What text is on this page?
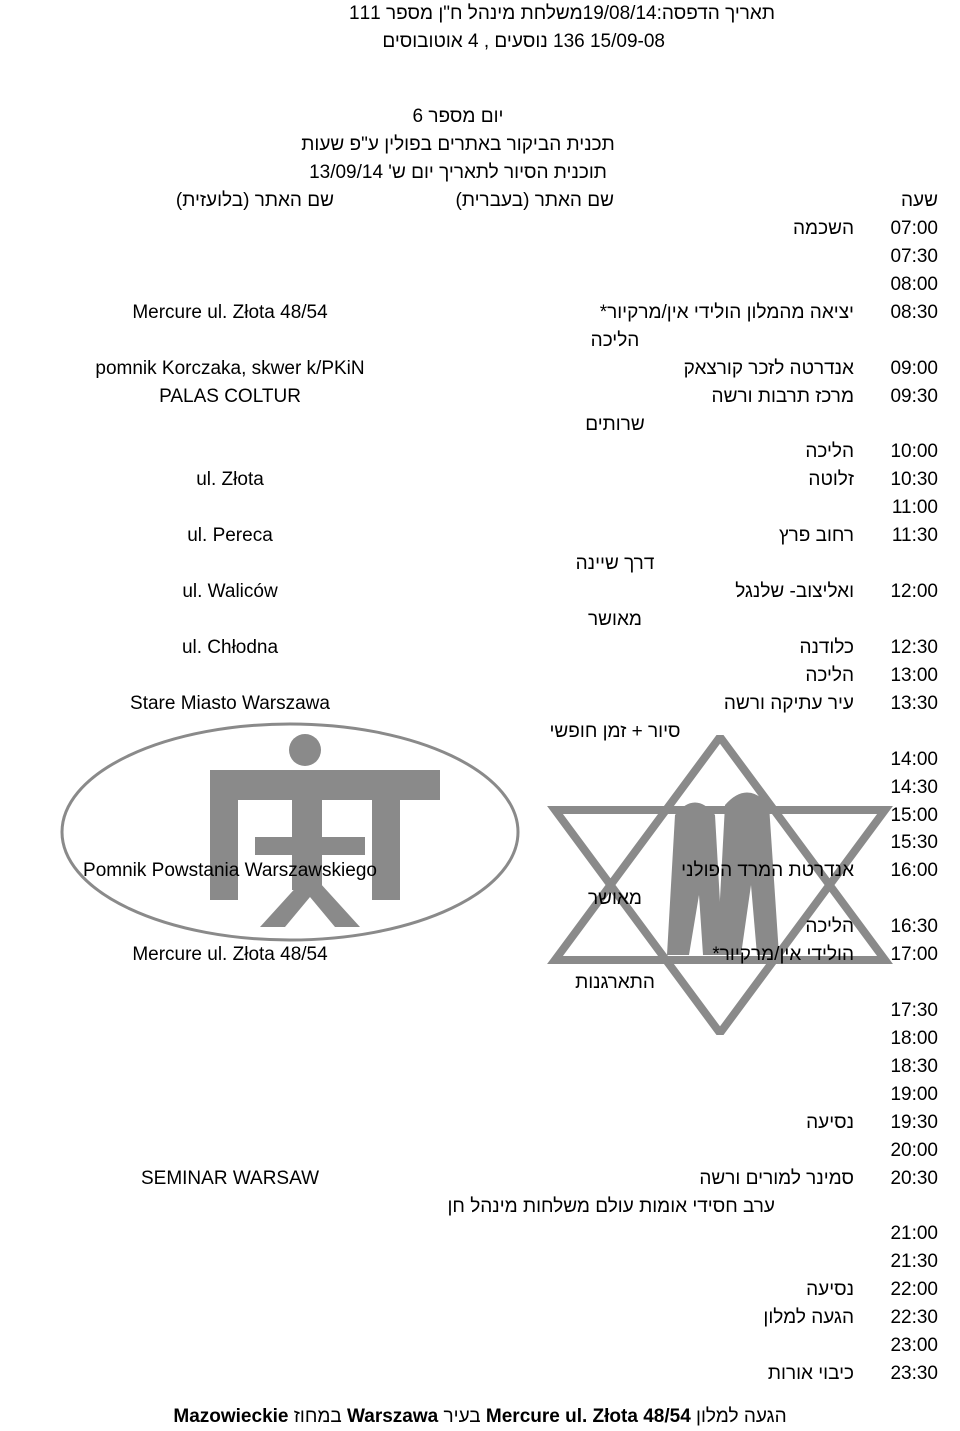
תאריך הדפסה:19/08/14משלחת מינהל ח"ן מספר 111
15/09-08 136 נוסעים , 4 אוטובוסים
יום מספר 6
תכנית הביקור באתרים בפולין ע"פ שעות
תוכנית הסיור לתאריך יום ש' 13/09/14
שעה
שם האתר (בעברית)
שם האתר (בלועזית)
07:00
השכמה
07:30
08:00
08:30
יציאה מהמלון הולידי אין/מרקיור*
Mercure ul. Złota 48/54
הליכה
09:00
אנדרטה לזכר קורצאק
pomnik Korczaka, skwer k/PKiN
09:30
מרכז תרבות ורשה
PALAS COLTUR
שרותים
10:00
הליכה
10:30
זלוטה
ul. Złota
11:00
11:30
רחוב פרץ
ul. Pereca
דרך שיינה
12:00
ואליצוב- שלנגל
ul. Waliców
מאושר
12:30
כלודנה
ul. Chłodna
13:00
הליכה
13:30
עיר עתיקה ורשה
Stare Miasto Warszawa
סיור + זמן חופשי
14:00
14:30
15:00
15:30
16:00
אנדרטת המרד הפולני
Pomnik Powstania Warszawskiego
מאושר
16:30
הליכה
17:00
הולידי אין/מרקיור*
Mercure ul. Złota 48/54
התארגנות
17:30
18:00
18:30
19:00
19:30
נסיעה
20:00
20:30
סמינר למורים ורשה
SEMINAR WARSAW
ערב חסידי אומות עולם משלחות מינהל חן
21:00
21:30
22:00
נסיעה
22:30
הגעה למלון
23:00
23:30
כיבוי אורות
הגעה למלון Mercure ul. Złota 48/54 בעיר Warszawa במחוז Mazowieckie
